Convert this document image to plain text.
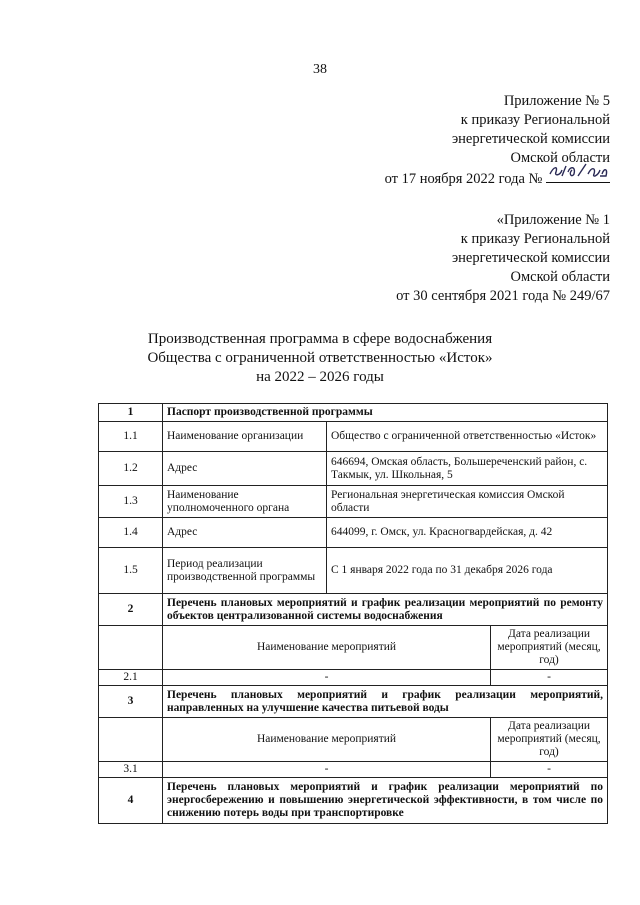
38
Приложение № 5
к приказу Региональной
энергетической комиссии
Омской области
от 17 ноября 2022 года №
«Приложение № 1
к приказу Региональной
энергетической комиссии
Омской области
от 30 сентября 2021 года № 249/67
Производственная программа в сфере водоснабжения
Общества с ограниченной ответственностью «Исток»
на 2022 – 2026 годы
1	Паспорт производственной программы		
1.1	Наименование организации	Общество с ограниченной ответственностью «Исток»	
1.2	Адрес	646694, Омская область, Большереченский район, с. Такмык, ул. Школьная, 5	
1.3	Наименование уполномоченного органа	Региональная энергетическая комиссия Омской области	
1.4	Адрес	644099, г. Омск, ул. Красногвардейская, д. 42	
1.5	Период реализации производственной программы	С 1 января 2022 года по 31 декабря 2026 года	
2	Перечень плановых мероприятий и график реализации мероприятий по ремонту объектов централизованной системы водоснабжения		
	Наименование мероприятий		Дата реализации мероприятий (месяц, год)
2.1	-		-
3	Перечень плановых мероприятий и график реализации мероприятий, направленных на улучшение качества питьевой воды		
	Наименование мероприятий		Дата реализации мероприятий (месяц, год)
3.1	-		-
4	Перечень плановых мероприятий и график реализации мероприятий по энергосбережению и повышению энергетической эффективности, в том числе по снижению потерь воды при транспортировке		
